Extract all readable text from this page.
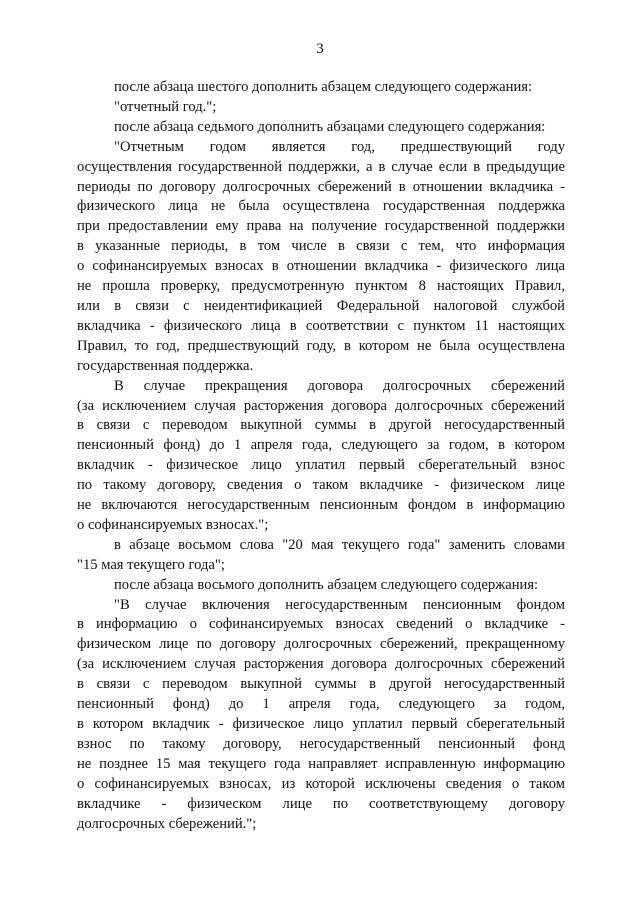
3
после абзаца шестого дополнить абзацем следующего содержания:
"отчетный год.";
после абзаца седьмого дополнить абзацами следующего содержания:
"Отчетным годом является год, предшествующий году
осуществления государственной поддержки, а в случае если в предыдущие
периоды по договору долгосрочных сбережений в отношении вкладчика -
физического лица не была осуществлена государственная поддержка
при предоставлении ему права на получение государственной поддержки
в указанные периоды, в том числе в связи с тем, что информация
о софинансируемых взносах в отношении вкладчика - физического лица
не прошла проверку, предусмотренную пунктом 8 настоящих Правил,
или в связи с неидентификацией Федеральной налоговой службой
вкладчика - физического лица в соответствии с пунктом 11 настоящих
Правил, то год, предшествующий году, в котором не была осуществлена
государственная поддержка.
В случае прекращения договора долгосрочных сбережений
(за исключением случая расторжения договора долгосрочных сбережений
в связи с переводом выкупной суммы в другой негосударственный
пенсионный фонд) до 1 апреля года, следующего за годом, в котором
вкладчик - физическое лицо уплатил первый сберегательный взнос
по такому договору, сведения о таком вкладчике - физическом лице
не включаются негосударственным пенсионным фондом в информацию
о софинансируемых взносах.";
в абзаце восьмом слова "20 мая текущего года" заменить словами
"15 мая текущего года";
после абзаца восьмого дополнить абзацем следующего содержания:
"В случае включения негосударственным пенсионным фондом
в информацию о софинансируемых взносах сведений о вкладчике -
физическом лице по договору долгосрочных сбережений, прекращенному
(за исключением случая расторжения договора долгосрочных сбережений
в связи с переводом выкупной суммы в другой негосударственный
пенсионный фонд) до 1 апреля года, следующего за годом,
в котором вкладчик - физическое лицо уплатил первый сберегательный
взнос по такому договору, негосударственный пенсионный фонд
не позднее 15 мая текущего года направляет исправленную информацию
о софинансируемых взносах, из которой исключены сведения о таком
вкладчике - физическом лице по соответствующему договору
долгосрочных сбережений.";
